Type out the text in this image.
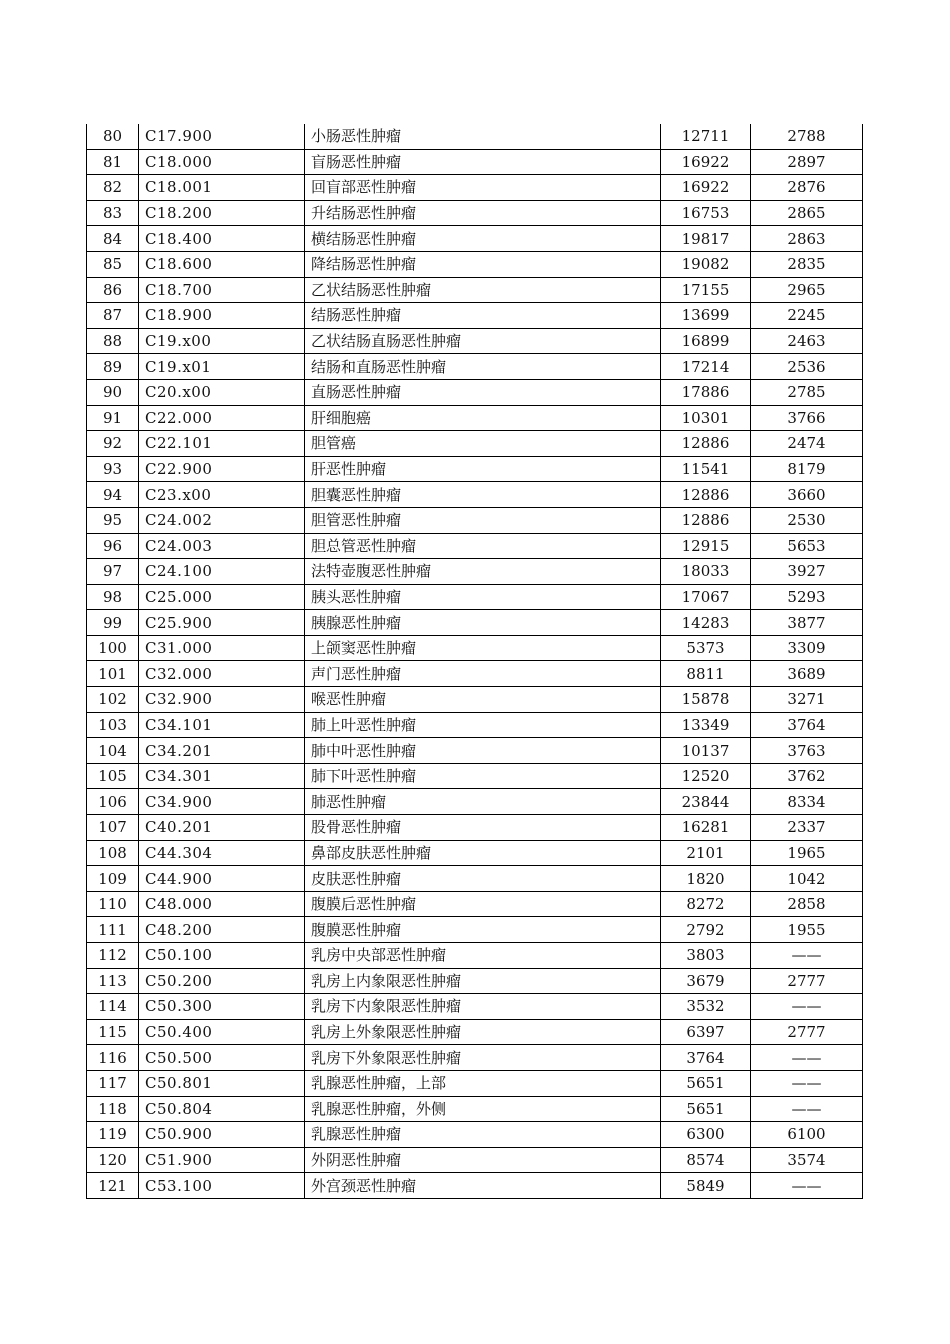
80	C17.900	小肠恶性肿瘤	12711	2788
81	C18.000	盲肠恶性肿瘤	16922	2897
82	C18.001	回盲部恶性肿瘤	16922	2876
83	C18.200	升结肠恶性肿瘤	16753	2865
84	C18.400	横结肠恶性肿瘤	19817	2863
85	C18.600	降结肠恶性肿瘤	19082	2835
86	C18.700	乙状结肠恶性肿瘤	17155	2965
87	C18.900	结肠恶性肿瘤	13699	2245
88	C19.x00	乙状结肠直肠恶性肿瘤	16899	2463
89	C19.x01	结肠和直肠恶性肿瘤	17214	2536
90	C20.x00	直肠恶性肿瘤	17886	2785
91	C22.000	肝细胞癌	10301	3766
92	C22.101	胆管癌	12886	2474
93	C22.900	肝恶性肿瘤	11541	8179
94	C23.x00	胆囊恶性肿瘤	12886	3660
95	C24.002	胆管恶性肿瘤	12886	2530
96	C24.003	胆总管恶性肿瘤	12915	5653
97	C24.100	法特壶腹恶性肿瘤	18033	3927
98	C25.000	胰头恶性肿瘤	17067	5293
99	C25.900	胰腺恶性肿瘤	14283	3877
100	C31.000	上颌窦恶性肿瘤	5373	3309
101	C32.000	声门恶性肿瘤	8811	3689
102	C32.900	喉恶性肿瘤	15878	3271
103	C34.101	肺上叶恶性肿瘤	13349	3764
104	C34.201	肺中叶恶性肿瘤	10137	3763
105	C34.301	肺下叶恶性肿瘤	12520	3762
106	C34.900	肺恶性肿瘤	23844	8334
107	C40.201	股骨恶性肿瘤	16281	2337
108	C44.304	鼻部皮肤恶性肿瘤	2101	1965
109	C44.900	皮肤恶性肿瘤	1820	1042
110	C48.000	腹膜后恶性肿瘤	8272	2858
111	C48.200	腹膜恶性肿瘤	2792	1955
112	C50.100	乳房中央部恶性肿瘤	3803	——
113	C50.200	乳房上内象限恶性肿瘤	3679	2777
114	C50.300	乳房下内象限恶性肿瘤	3532	——
115	C50.400	乳房上外象限恶性肿瘤	6397	2777
116	C50.500	乳房下外象限恶性肿瘤	3764	——
117	C50.801	乳腺恶性肿瘤，上部	5651	——
118	C50.804	乳腺恶性肿瘤，外侧	5651	——
119	C50.900	乳腺恶性肿瘤	6300	6100
120	C51.900	外阴恶性肿瘤	8574	3574
121	C53.100	外宫颈恶性肿瘤	5849	——
